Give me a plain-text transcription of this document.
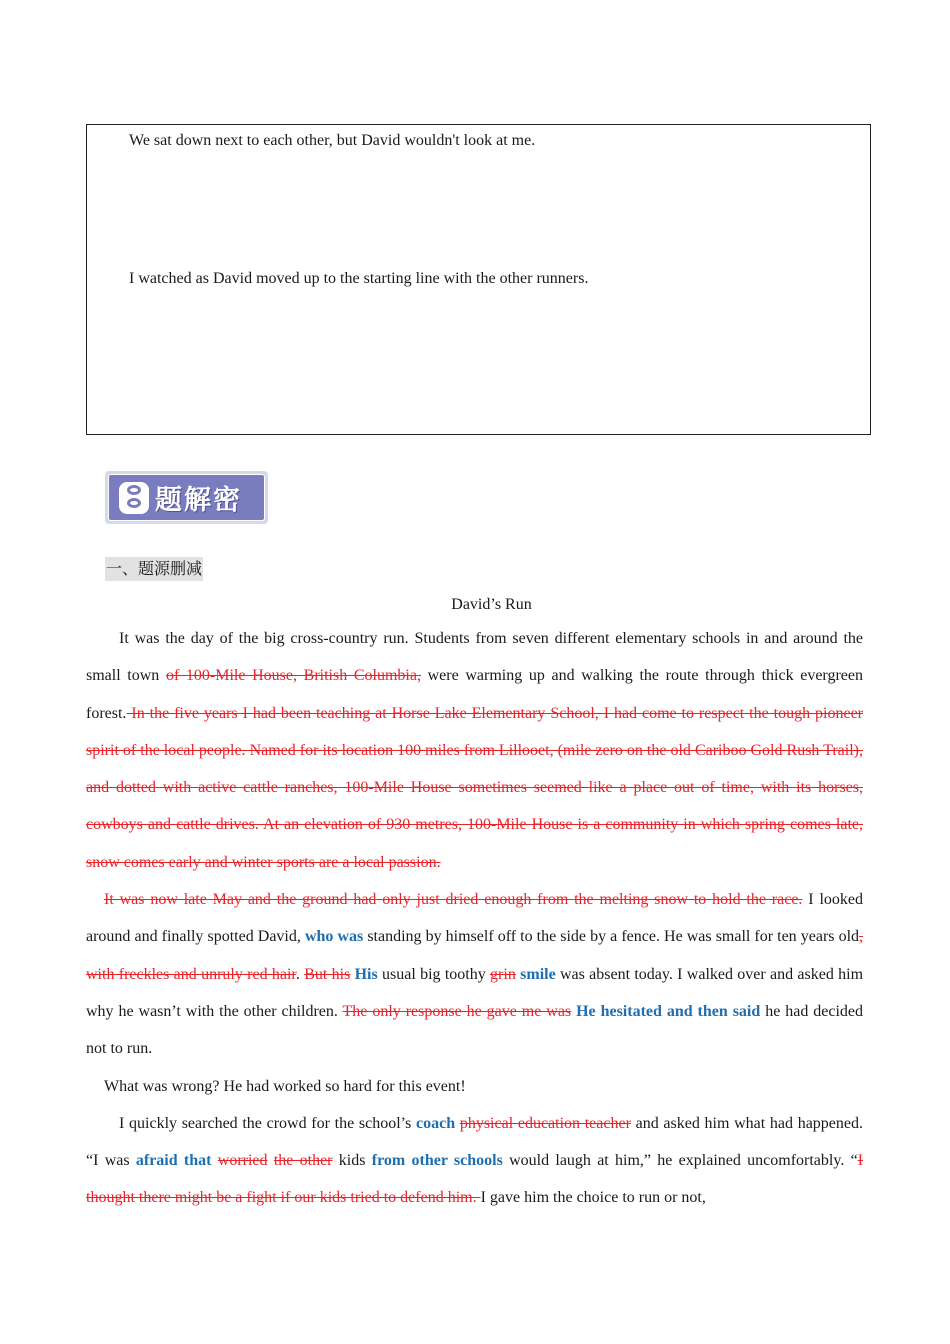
We sat down next to each other, but David wouldn't look at me.

I watched as David moved up to the starting line with the other runners.

题解密

一、题源删减

David’s Run

It was the day of the big cross-country run. Students from seven different elementary schools in and around the small town of 100-Mile House, British Columbia, were warming up and walking the route through thick evergreen forest. In the five years I had been teaching at Horse Lake Elementary School, I had come to respect the tough pioneer spirit of the local people. Named for its location 100 miles from Lillooet, (mile zero on the old Cariboo Gold Rush Trail), and dotted with active cattle ranches, 100-Mile House sometimes seemed like a place out of time, with its horses, cowboys and cattle drives. At an elevation of 930 metres, 100-Mile House is a community in which spring comes late, snow comes early and winter sports are a local passion.

It was now late May and the ground had only just dried enough from the melting snow to hold the race. I looked around and finally spotted David, who was standing by himself off to the side by a fence. He was small for ten years old, with freckles and unruly red hair. But his His usual big toothy grin smile was absent today. I walked over and asked him why he wasn’t with the other children. The only response he gave me was He hesitated and then said he had decided not to run.

What was wrong? He had worked so hard for this event!

I quickly searched the crowd for the school’s coach physical education teacher and asked him what had happened. “I was afraid that worried the other kids from other schools would laugh at him,” he explained uncomfortably. “I thought there might be a fight if our kids tried to defend him. I gave him the choice to run or not,
